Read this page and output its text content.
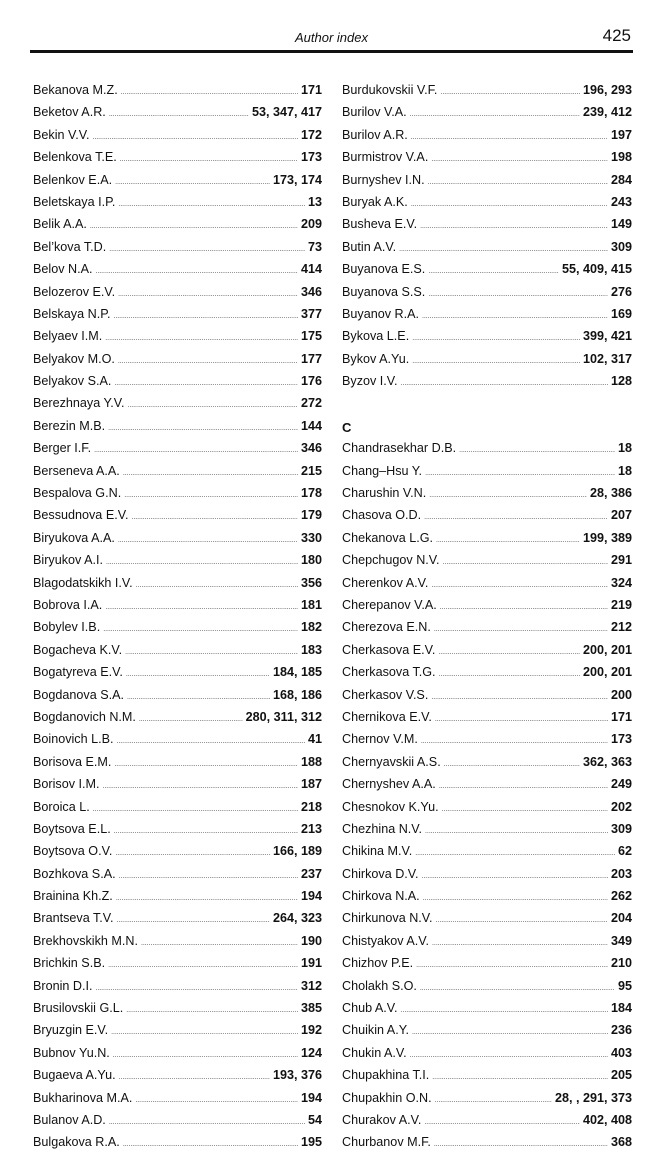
Author index	425
Bekanova M.Z. . . .	171
Beketov A.R. . . .	53, 347, 417
Bekin V.V. . . .	172
Belenkova T.E. . . .	173
Belenkov E.A. . . .	173, 174
Beletskaya I.P. . . .	13
Belik A.A. . . .	209
Bel’kova T.D. . . .	73
Belov N.A. . . .	414
Belozerov E.V. . . .	346
Belskaya N.P. . . .	377
Belyaev I.M. . . .	175
Belyakov M.O. . . .	177
Belyakov S.A. . . .	176
Berezhnaya Y.V. . . .	272
Berezin M.B. . . .	144
Berger I.F. . . .	346
Berseneva A.A. . . .	215
Bespalova G.N. . . .	178
Bessudnova E.V. . . .	179
Biryukova A.A. . . .	330
Biryukov A.I. . . .	180
Blagodatskikh I.V. . . .	356
Bobrova I.A. . . .	181
Bobylev I.B. . . .	182
Bogacheva K.V. . . .	183
Bogatyreva E.V. . . .	184, 185
Bogdanova S.A. . . .	168, 186
Bogdanovich N.M. . . .	280, 311, 312
Boinovich L.B. . . .	41
Borisova E.M. . . .	188
Borisov I.M. . . .	187
Boroica L. . . .	218
Boytsova E.L. . . .	213
Boytsova O.V. . . .	166, 189
Bozhkova S.A. . . .	237
Brainina Kh.Z. . . .	194
Brantseva T.V. . . .	264, 323
Brekhovskikh M.N. . . .	190
Brichkin S.B. . . .	191
Bronin D.I. . . .	312
Brusilovskii G.L. . . .	385
Bryuzgin E.V. . . .	192
Bubnov Yu.N. . . .	124
Bugaeva A.Yu. . . .	193, 376
Bukharinova M.A. . . .	194
Bulanov A.D. . . .	54
Bulgakova R.A. . . .	195
Burdukovskii V.F. . . .	196, 293
Burilov V.A. . . .	239, 412
Burilov A.R. . . .	197
Burmistrov V.A. . . .	198
Burnyshev I.N. . . .	284
Buryak A.K. . . .	243
Busheva E.V. . . .	149
Butin A.V. . . .	309
Buyanova E.S. . . .	55, 409, 415
Buyanova S.S. . . .	276
Buyanov R.A. . . .	169
Bykova L.E. . . .	399, 421
Bykov A.Yu. . . .	102, 317
Byzov I.V. . . .	128
C
Chandrasekhar D.B. . . .	18
Chang–Hsu Y. . . .	18
Charushin V.N. . . .	28, 386
Chasova O.D. . . .	207
Chekanova L.G. . . .	199, 389
Chepchugov N.V. . . .	291
Cherenkov A.V. . . .	324
Cherepanov V.A. . . .	219
Cherezova E.N. . . .	212
Cherkasova E.V. . . .	200, 201
Cherkasova T.G. . . .	200, 201
Cherkasov V.S. . . .	200
Chernikova E.V. . . .	171
Chernov V.M. . . .	173
Chernyavskii A.S. . . .	362, 363
Chernyshev A.A. . . .	249
Chesnokov K.Yu. . . .	202
Chezhina N.V. . . .	309
Chikina M.V. . . .	62
Chirkova D.V. . . .	203
Chirkova N.A. . . .	262
Chirkunova N.V. . . .	204
Chistyakov A.V. . . .	349
Chizhov P.E. . . .	210
Cholakh S.O. . . .	95
Chub A.V. . . .	184
Chuikin A.Y. . . .	236
Chukin A.V. . . .	403
Chupakhina T.I. . . .	205
Chupakhin O.N. . . .	28, , 291, 373
Churakov A.V. . . .	402, 408
Churbanov M.F. . . .	368
